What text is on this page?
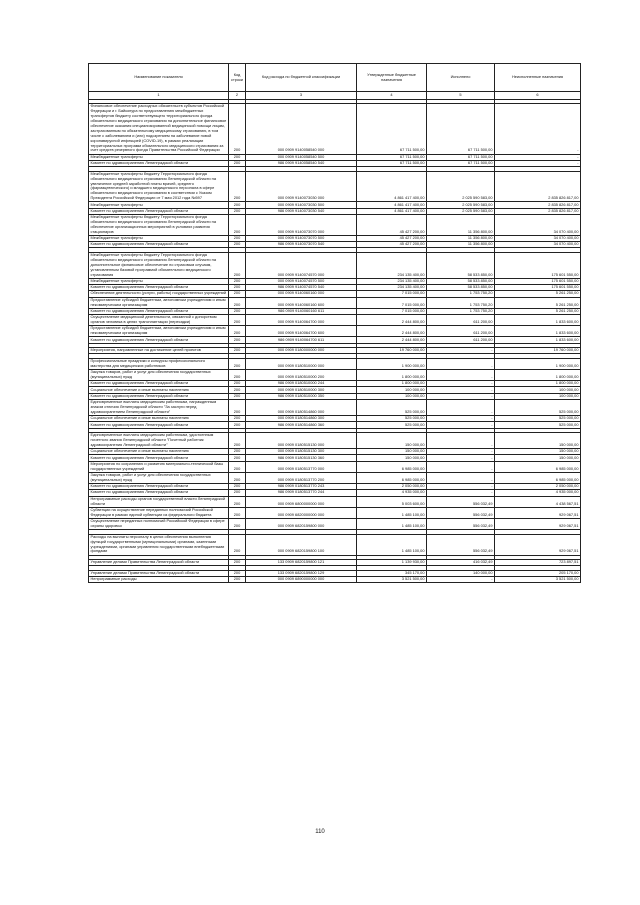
Наименование показателя	Код строки	Код расхода по бюджетной классификации	Утвержденные бюджетные назначения	Исполнено	Неисполненные назначения
1	2	3	4	5	6

Финансовое обеспечение расходных обязательств субъектов Российской Федерации и г. Байконура по предоставлению межбюджетных трансфертов бюджету соответствующего территориального фонда обязательного медицинского страхования на дополнительное финансовое обеспечение оказания специализированной медицинской помощи лицам, застрахованным по обязательному медицинскому страхованию, в том числе с заболеванием и (или) подозрением на заболевание новой коронавирусной инфекцией (COVID-19), в рамках реализации территориальных программ обязательного медицинского страхования за счет средств резервного фонда Правительства Российской Федерации	200	000 0909 9140058540 000	67 711 500,00	67 711 500,00	-
Межбюджетные трансферты	200	000 0909 9140058540 500	67 711 500,00	67 711 500,00	-
Комитет по здравоохранению Ленинградской области	200	986 0909 9140058540 540	67 711 500,00	67 711 500,00	-

Межбюджетные трансферты бюджету Территориального фонда обязательного медицинского страхования Ленинградской области на увеличение средней заработной платы врачей, среднего (фармацевтического) и младшего медицинского персонала в сфере обязательного медицинского страхования в соответствии с Указом Президента Российской Федерации от 7 мая 2012 года №597	200	000 0909 9140073030 000	4 861 417 400,00	2 025 590 583,00	2 835 826 817,00
Межбюджетные трансферты	200	000 0909 9140073030 500	4 861 417 400,00	2 025 590 583,00	2 835 826 817,00
Комитет по здравоохранению Ленинградской области	200	986 0909 9140073030 540	4 861 417 400,00	2 025 590 583,00	2 835 826 817,00
Межбюджетные трансферты бюджету Территориального фонда обязательного медицинского страхования Ленинградской области на обеспечение организационных мероприятий в условиях развития стационаров	200	000 0909 9140073070 000	45 427 200,00	11 356 800,00	34 070 400,00
Межбюджетные трансферты	200	000 0909 9140073070 500	45 427 200,00	11 356 800,00	34 070 400,00
Комитет по здравоохранению Ленинградской области	200	986 0909 9140073070 540	45 427 200,00	11 356 800,00	34 070 400,00

Межбюджетные трансферты бюджету Территориального фонда обязательного медицинского страхования Ленинградской области на дополнительное финансовое обеспечение по страховым случаям, установленным базовой программой обязательного медицинского страхования	200	000 0909 9140074570 000	234 135 400,00	58 533 850,00	175 601 550,00
Межбюджетные трансферты	200	000 0909 9140074570 500	234 135 400,00	58 533 850,00	175 601 550,00
Комитет по здравоохранению Ленинградской области	200	986 0909 9140074570 540	234 135 400,00	58 533 850,00	175 601 550,00
Обеспечение деятельности (услуги, работы) государственных учреждений	200	000 0909 9140060160 000	7 015 000,00	1 753 750,20	5 261 250,00
Предоставление субсидий бюджетным, автономным учреждениям и иным некоммерческим организациям	200	000 0909 9140060160 600	7 015 000,00	1 753 750,20	5 261 250,00
Комитет по здравоохранению Ленинградской области	200	986 0909 9140060160 611	7 015 000,00	1 753 750,20	5 261 250,00
Осуществление медицинской деятельности, связанной с донорством органов человека в целях трансплантации (пересадки)	200	000 0909 9140064700 000	2 444 800,00	611 200,00	1 833 600,00
Предоставление субсидий бюджетным, автономным учреждениям и иным некоммерческим организациям	200	000 0909 9140064700 600	2 444 800,00	611 200,00	1 833 600,00
Комитет по здравоохранению Ленинградской области	200	986 0909 9140064700 611	2 444 800,00	611 200,00	1 833 600,00

Мероприятия, направленные на достижение целей проектов	200	000 0909 0180000000 000	19 760 000,00	-	19 760 000,00

Профессиональные праздники и конкурсы профессионального мастерства для медицинских работников	200	000 0909 0180510000 000	1 900 000,00	-	1 900 000,00
Закупка товаров, работ и услуг для обеспечения государственных (муниципальных) нужд	200	000 0909 0180510000 200	1 800 000,00	-	1 800 000,00
Комитет по здравоохранению Ленинградской области	200	986 0909 0180510000 244	1 800 000,00	-	1 800 000,00
Социальное обеспечение и иные выплаты населению	200	000 0909 0180510000 300	100 000,00	-	100 000,00
Комитет по здравоохранению Ленинградской области	200	986 0909 0180510000 350	100 000,00	-	100 000,00
Единовременные выплаты медицинским работникам, награжденным знаком отличия Ленинградской области "За заслуги перед здравоохранением Ленинградской области"	200	000 0909 0180514860 000	525 000,00	-	525 000,00
Социальное обеспечение и иные выплаты населению	200	000 0909 0180514860 300	525 000,00	-	525 000,00
Комитет по здравоохранению Ленинградской области	200	986 0909 0180514860 360	525 000,00	-	525 000,00

Единовременные выплаты медицинским работникам, удостоенным почетного звания Ленинградской области "Почетный работник здравоохранения Ленинградской области"	200	000 0909 0180515130 000	150 000,00	-	150 000,00
Социальное обеспечение и иные выплаты населению	200	000 0909 0180515130 300	150 000,00	-	150 000,00
Комитет по здравоохранению Ленинградской области	200	986 0909 0180515130 360	150 000,00	-	150 000,00
Мероприятия по сохранению и развитию материально-технической базы государственных учреждений	200	000 0909 0180513770 000	6 985 000,00	-	6 985 000,00
Закупка товаров, работ и услуг для обеспечения государственных (муниципальных) нужд	200	000 0909 0180513770 200	6 985 000,00	-	6 985 000,00
Комитет по здравоохранению Ленинградской области	200	986 0909 0180513770 243	2 050 000,00	-	2 050 000,00
Комитет по здравоохранению Ленинградской области	200	986 0909 0180513770 244	4 935 000,00	-	4 935 000,00
Непрограммные расходы органов государственной власти Ленинградской области	200	000 0909 6800000000 000	5 003 600,00	556 032,49	4 438 567,51
Субвенции на осуществление переданных полномочий Российской Федерации в рамках единой субвенции из федерального бюджета	200	000 0909 6820000000 000	1 485 100,00	556 032,49	929 067,51
Осуществление переданных полномочий Российской Федерации в сфере охраны здоровья	200	000 0909 6820159800 000	1 485 100,00	556 032,49	929 067,51

Расходы на выплаты персоналу в целях обеспечения выполнения функций государственными (муниципальными) органами, казенными учреждениями, органами управления государственными внебюджетными фондами	200	000 0909 6820159800 100	1 485 100,00	556 032,49	929 067,51

Управление делами Правительства Ленинградской области	200	133 0909 6820159800 121	1 139 930,00	416 032,49	723 897,51

Управление делами Правительства Ленинградской области	200	133 0909 6820159800 129	345 170,00	140 000,00	205 170,00
Непрограммные расходы	200	000 0909 6890000000 000	3 521 500,00	-	3 521 500,00
110
